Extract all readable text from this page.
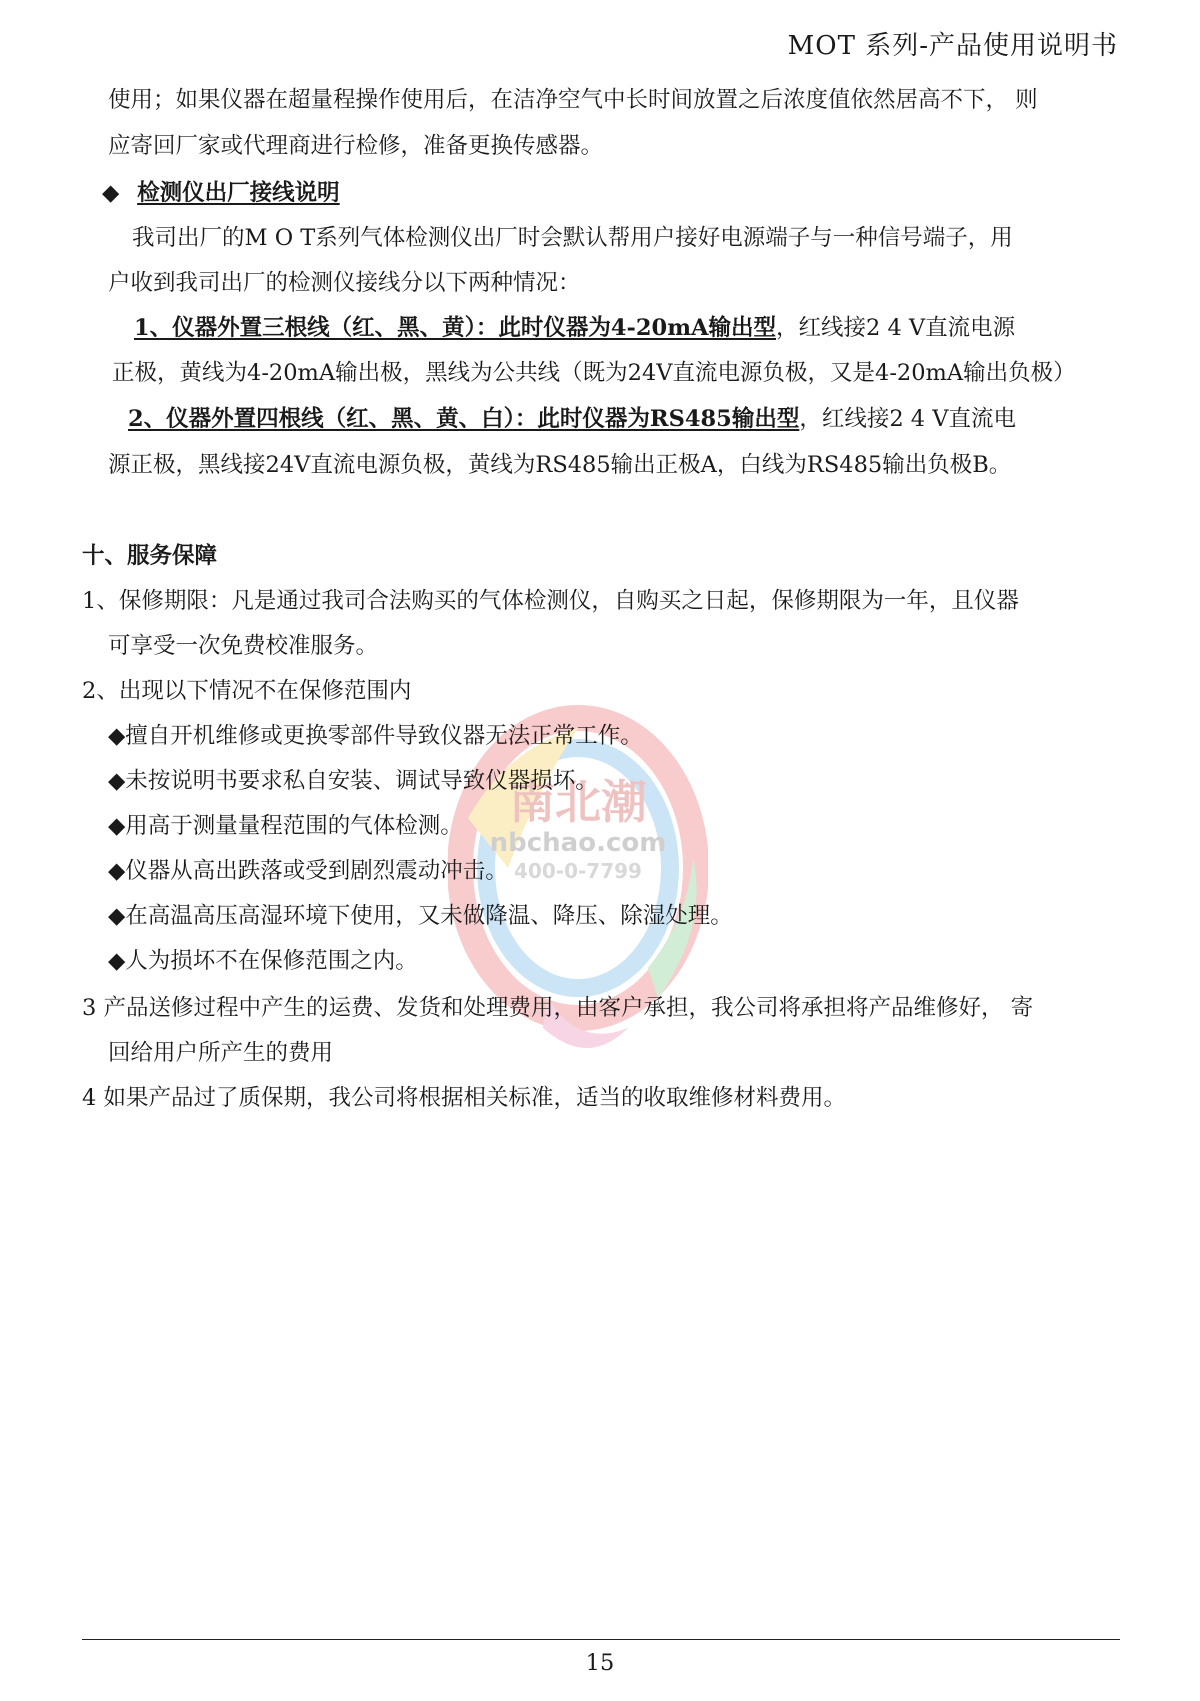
MOT 系列-产品使用说明书
南北潮
nbchao.com
400-0-7799
使用；如果仪器在超量程操作使用后，在洁净空气中长时间放置之后浓度值依然居高不下， 则
应寄回厂家或代理商进行检修，准备更换传感器。
◆ 检测仪出厂接线说明
我司出厂的M O T系列气体检测仪出厂时会默认帮用户接好电源端子与一种信号端子，用
户收到我司出厂的检测仪接线分以下两种情况：
1、仪器外置三根线（红、黑、黄）：此时仪器为4-20mA输出型，红线接2 4 V直流电源
正极，黄线为4-20mA输出极，黑线为公共线（既为24V直流电源负极，又是4-20mA输出负极）
2、仪器外置四根线（红、黑、黄、白）：此时仪器为RS485输出型，红线接2 4 V直流电
源正极，黑线接24V直流电源负极，黄线为RS485输出正极A，白线为RS485输出负极B。
十、服务保障
1、保修期限：凡是通过我司合法购买的气体检测仪，自购买之日起，保修期限为一年，且仪器
可享受一次免费校准服务。
2、出现以下情况不在保修范围内
◆擅自开机维修或更换零部件导致仪器无法正常工作。
◆未按说明书要求私自安装、调试导致仪器损坏。
◆用高于测量量程范围的气体检测。
◆仪器从高出跌落或受到剧烈震动冲击。
◆在高温高压高湿环境下使用，又未做降温、降压、除湿处理。
◆人为损坏不在保修范围之内。
3 产品送修过程中产生的运费、发货和处理费用，由客户承担，我公司将承担将产品维修好， 寄
回给用户所产生的费用
4 如果产品过了质保期，我公司将根据相关标准，适当的收取维修材料费用。
15
